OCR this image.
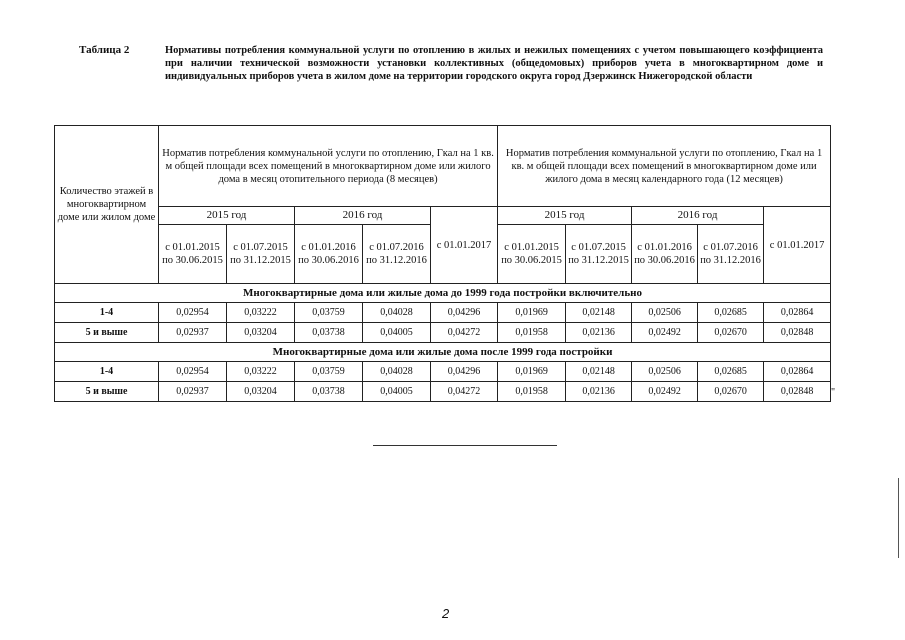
Таблица 2	Нормативы потребления коммунальной услуги по отоплению в жилых и нежилых помещениях с учетом повышающего коэффициента при наличии технической возможности установки коллективных (общедомовых) приборов учета в многоквартирном доме и индивидуальных приборов учета в жилом доме на территории городского округа город Дзержинск Нижегородской области
Количество этажей в многоквартирном доме или жилом доме	Норматив потребления коммунальной услуги по отоплению, Гкал на 1 кв. м общей площади всех помещений в многоквартирном доме или жилого дома в месяц отопительного периода (8 месяцев)					Норматив потребления коммунальной услуги по отоплению, Гкал на 1 кв. м общей площади всех помещений в многоквартирном доме или жилого дома в месяц календарного года (12 месяцев)				
	2015 год		2016 год		с 01.01.2017	2015 год		2016 год		с 01.01.2017
	с 01.01.2015 по 30.06.2015	с 01.07.2015 по 31.12.2015	с 01.01.2016 по 30.06.2016	с 01.07.2016 по 31.12.2016		с 01.01.2015 по 30.06.2015	с 01.07.2015 по 31.12.2015	с 01.01.2016 по 30.06.2016	с 01.07.2016 по 31.12.2016	
Многоквартирные дома или жилые дома до 1999 года постройки включительно										
1-4	0,02954	0,03222	0,03759	0,04028	0,04296	0,01969	0,02148	0,02506	0,02685	0,02864
5 и выше	0,02937	0,03204	0,03738	0,04005	0,04272	0,01958	0,02136	0,02492	0,02670	0,02848
Многоквартирные дома или жилые дома после 1999 года постройки										
1-4	0,02954	0,03222	0,03759	0,04028	0,04296	0,01969	0,02148	0,02506	0,02685	0,02864
5 и выше	0,02937	0,03204	0,03738	0,04005	0,04272	0,01958	0,02136	0,02492	0,02670	0,02848 "
2
